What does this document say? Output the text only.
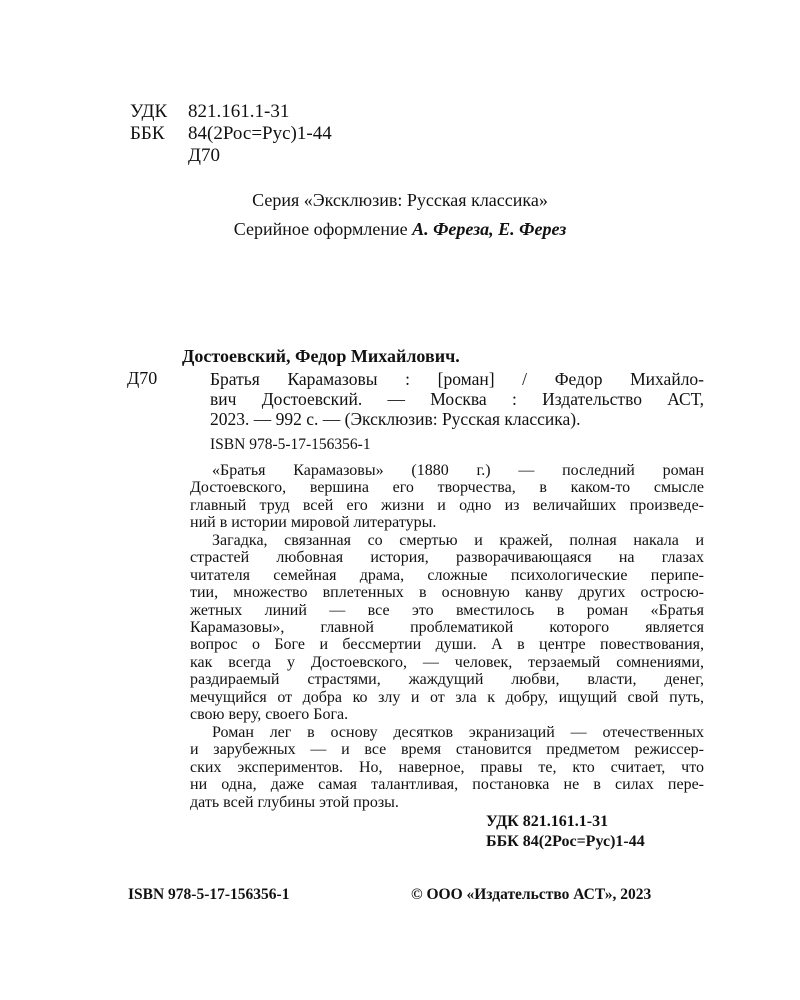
УДК 821.161.1-31
ББК 84(2Рос=Рус)1-44
Д70
Серия «Эксклюзив: Русская классика»
Серийное оформление А. Фереза, Е. Ферез
Достоевский, Федор Михайлович.
Д70	Братья Карамазовы : [роман] / Федор Михайло-
вич Достоевский. — Москва : Издательство АСТ,
2023. — 992 с. — (Эксклюзив: Русская классика).
ISBN 978-5-17-156356-1
«Братья Карамазовы» (1880 г.) — последний роман
Достоевского, вершина его творчества, в каком-то смысле
главный труд всей его жизни и одно из величайших произведе-
ний в истории мировой литературы.
Загадка, связанная со смертью и кражей, полная накала и
страстей любовная история, разворачивающаяся на глазах
читателя семейная драма, сложные психологические перипе-
тии, множество вплетенных в основную канву других остросю-
жетных линий — все это вместилось в роман «Братья
Карамазовы», главной проблематикой которого является
вопрос о Боге и бессмертии души. А в центре повествования,
как всегда у Достоевского, — человек, терзаемый сомнениями,
раздираемый страстями, жаждущий любви, власти, денег,
мечущийся от добра ко злу и от зла к добру, ищущий свой путь,
свою веру, своего Бога.
Роман лег в основу десятков экранизаций — отечественных
и зарубежных — и все время становится предметом режиссер-
ских экспериментов. Но, наверное, правы те, кто считает, что
ни одна, даже самая талантливая, постановка не в силах пере-
дать всей глубины этой прозы.
УДК 821.161.1-31
ББК 84(2Рос=Рус)1-44
ISBN 978-5-17-156356-1	© ООО «Издательство АСТ», 2023
